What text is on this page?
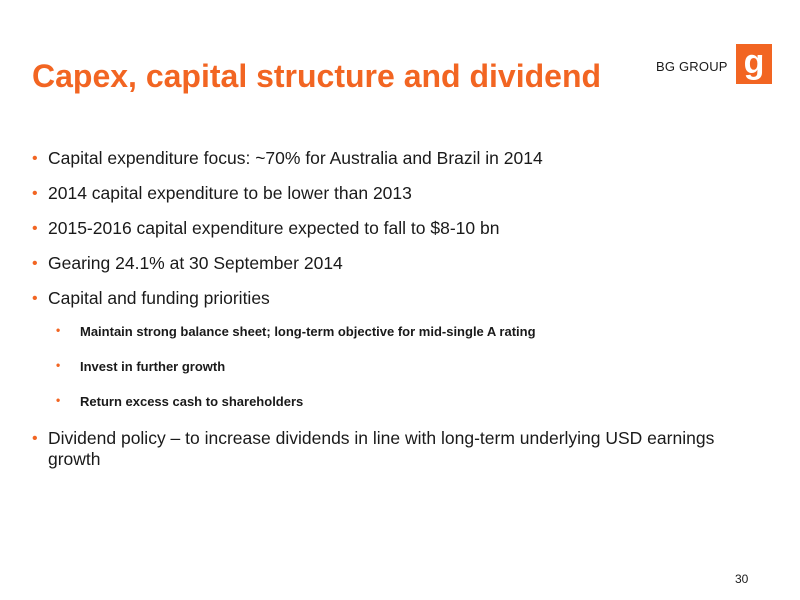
Capex, capital structure and dividend	BG GROUP g
• Capital expenditure focus: ~70% for Australia and Brazil in 2014
• 2014 capital expenditure to be lower than 2013
• 2015-2016 capital expenditure expected to fall to $8-10 bn
• Gearing 24.1% at 30 September 2014
• Capital and funding priorities
• Maintain strong balance sheet; long-term objective for mid-single A rating
• Invest in further growth
• Return excess cash to shareholders
• Dividend policy – to increase dividends in line with long-term underlying USD earnings growth
30
